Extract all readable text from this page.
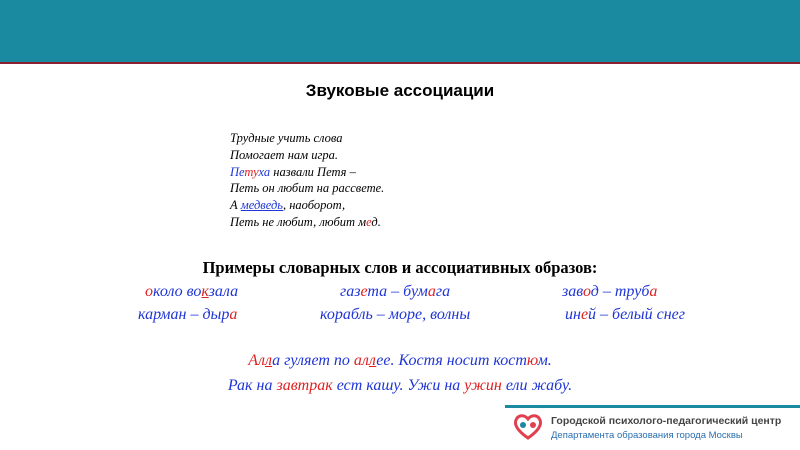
Звуковые ассоциации
Трудные учить слова
Помогает нам игра.
Петуха назвали Петя –
Петь он любит на рассвете.
А медведь, наоборот,
Петь не любит, любит мед.
Примеры словарных слов и ассоциативных образов:
около вокзала	газета – бумага	завод – труба
карман – дыра	корабль – море, волны	иней – белый снег
Алла гуляет по аллее. Костя носит костюм.
Рак на завтрак ест кашу. Ужи на ужин ели жабу.
Городской психолого-педагогический центр
Департамента образования города Москвы
